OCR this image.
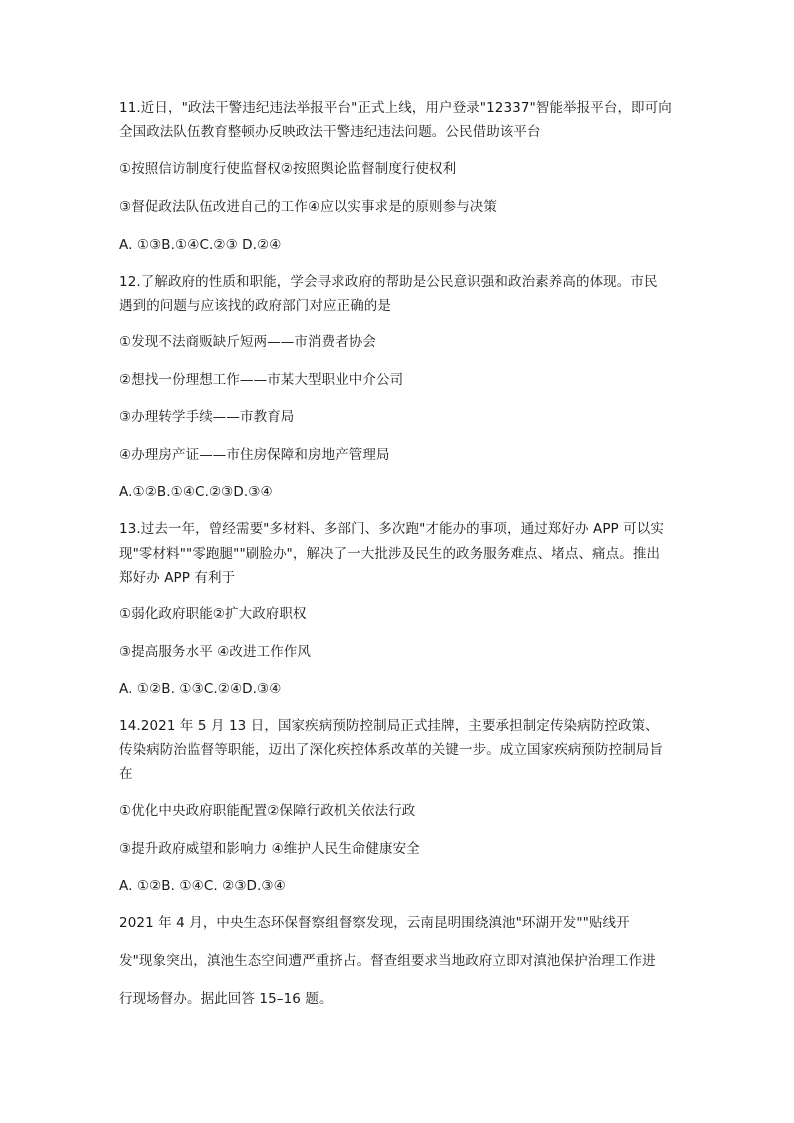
11.近日，"政法干警违纪违法举报平台"正式上线，用户登录"12337"智能举报平台，即可向
全国政法队伍教育整顿办反映政法干警违纪违法问题。公民借助该平台
①按照信访制度行使监督权②按照舆论监督制度行使权利
③督促政法队伍改进自己的工作④应以实事求是的原则参与决策
A. ①③B.①④C.②③ D.②④
12.了解政府的性质和职能，学会寻求政府的帮助是公民意识强和政治素养高的体现。市民
遇到的问题与应该找的政府部门对应正确的是
①发现不法商贩缺斤短两——市消费者协会
②想找一份理想工作——市某大型职业中介公司
③办理转学手续——市教育局
④办理房产证——市住房保障和房地产管理局
A.①②B.①④C.②③D.③④
13.过去一年，曾经需要"多材料、多部门、多次跑"才能办的事项，通过郑好办 APP 可以实
现"零材料""零跑腿""刷脸办"，解决了一大批涉及民生的政务服务难点、堵点、痛点。推出
郑好办 APP 有利于
①弱化政府职能②扩大政府职权
③提高服务水平 ④改进工作作风
A. ①②B. ①③C.②④D.③④
14.2021 年 5 月 13 日，国家疾病预防控制局正式挂牌，主要承担制定传染病防控政策、
传染病防治监督等职能，迈出了深化疾控体系改革的关键一步。成立国家疾病预防控制局旨
在
①优化中央政府职能配置②保障行政机关依法行政
③提升政府威望和影响力 ④维护人民生命健康安全
A. ①②B. ①④C. ②③D.③④
2021 年 4 月，中央生态环保督察组督察发现，云南昆明围绕滇池"环湖开发""贴线开
发"现象突出，滇池生态空间遭严重挤占。督查组要求当地政府立即对滇池保护治理工作进
行现场督办。据此回答 15–16 题。
